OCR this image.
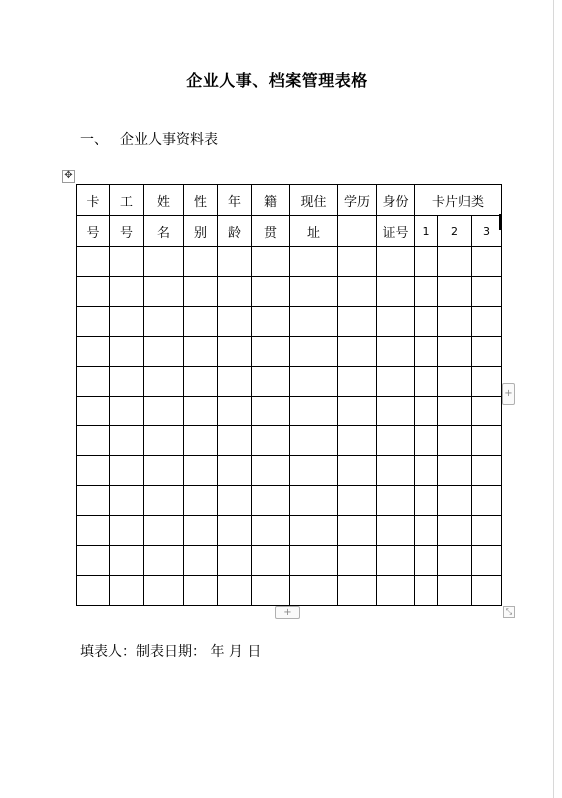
企业人事、档案管理表格
一、 企业人事资料表
✥
卡	工	姓	性	年	籍	现住	学历	身份	卡片归类		
号	号	名	别	龄	贯	址		证号	1	2	3

+
+	⤡
填表人：制表日期： 年 月 日
